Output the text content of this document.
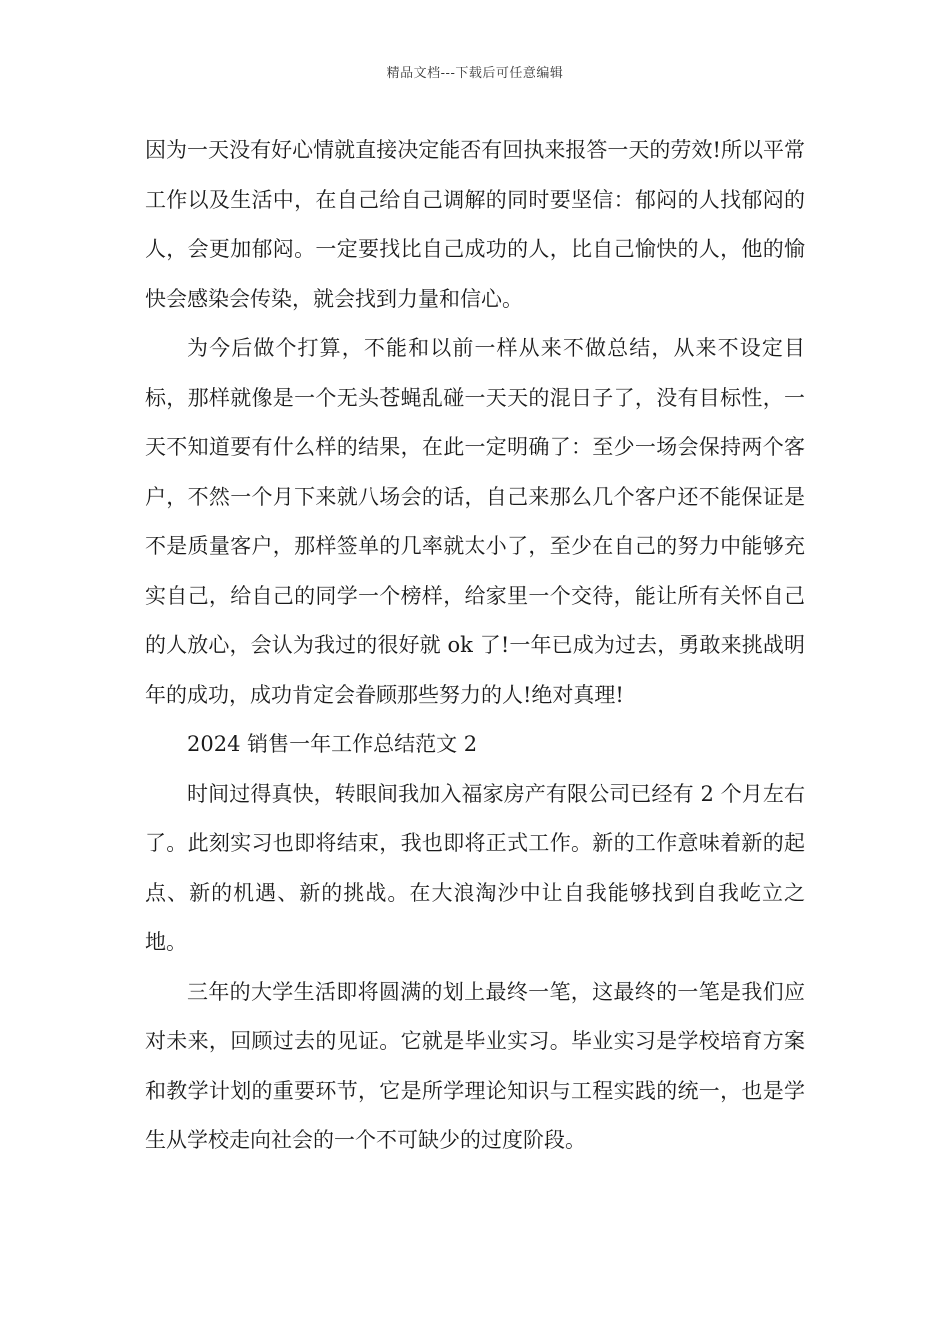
精品文档---下载后可任意编辑

因为一天没有好心情就直接决定能否有回执来报答一天的劳效!所以平常工作以及生活中，在自己给自己调解的同时要坚信：郁闷的人找郁闷的人，会更加郁闷。一定要找比自己成功的人，比自己愉快的人，他的愉快会感染会传染，就会找到力量和信心。

为今后做个打算，不能和以前一样从来不做总结，从来不设定目标，那样就像是一个无头苍蝇乱碰一天天的混日子了，没有目标性，一天不知道要有什么样的结果，在此一定明确了：至少一场会保持两个客户，不然一个月下来就八场会的话，自己来那么几个客户还不能保证是不是质量客户，那样签单的几率就太小了，至少在自己的努力中能够充实自己，给自己的同学一个榜样，给家里一个交待，能让所有关怀自己的人放心，会认为我过的很好就 ok 了!一年已成为过去，勇敢来挑战明年的成功，成功肯定会眷顾那些努力的人!绝对真理!

2024 销售一年工作总结范文 2

时间过得真快，转眼间我加入福家房产有限公司已经有 2 个月左右了。此刻实习也即将结束，我也即将正式工作。新的工作意味着新的起点、新的机遇、新的挑战。在大浪淘沙中让自我能够找到自我屹立之地。

三年的大学生活即将圆满的划上最终一笔，这最终的一笔是我们应对未来，回顾过去的见证。它就是毕业实习。毕业实习是学校培育方案和教学计划的重要环节，它是所学理论知识与工程实践的统一，也是学生从学校走向社会的一个不可缺少的过度阶段。
